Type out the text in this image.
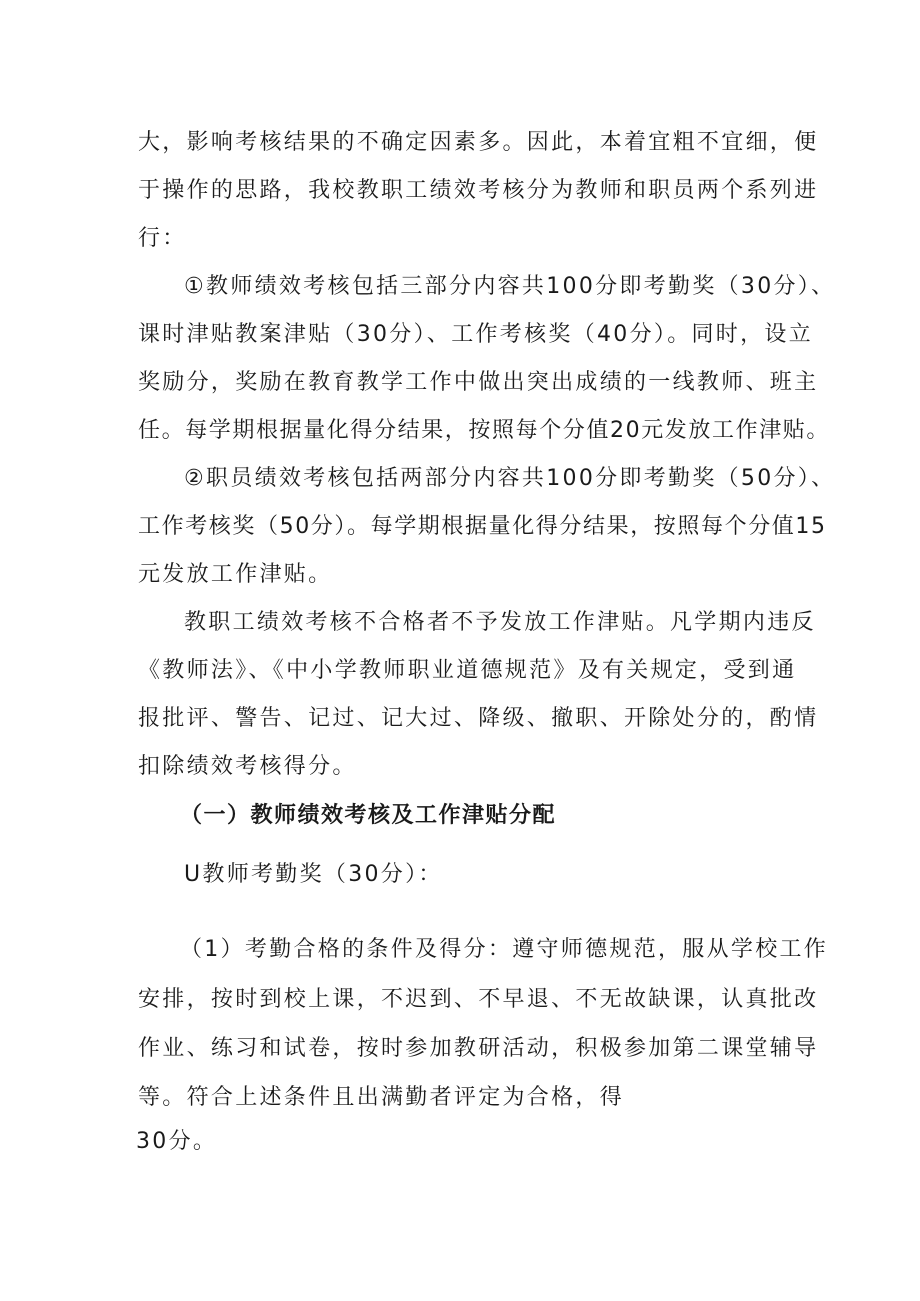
大，影响考核结果的不确定因素多。因此，本着宜粗不宜细，便
于操作的思路，我校教职工绩效考核分为教师和职员两个系列进
行：
①教师绩效考核包括三部分内容共100分即考勤奖（30分）、
课时津贴教案津贴（30分）、工作考核奖（40分）。同时，设立
奖励分，奖励在教育教学工作中做出突出成绩的一线教师、班主
任。每学期根据量化得分结果，按照每个分值20元发放工作津贴。
②职员绩效考核包括两部分内容共100分即考勤奖（50分）、
工作考核奖（50分）。每学期根据量化得分结果，按照每个分值15
元发放工作津贴。
教职工绩效考核不合格者不予发放工作津贴。凡学期内违反
《教师法》、《中小学教师职业道德规范》及有关规定，受到通
报批评、警告、记过、记大过、降级、撤职、开除处分的，酌情
扣除绩效考核得分。
（一）教师绩效考核及工作津贴分配
U教师考勤奖（30分）：
（1）考勤合格的条件及得分：遵守师德规范，服从学校工作
安排，按时到校上课，不迟到、不早退、不无故缺课，认真批改
作业、练习和试卷，按时参加教研活动，积极参加第二课堂辅导
等。符合上述条件且出满勤者评定为合格，得
30分。
